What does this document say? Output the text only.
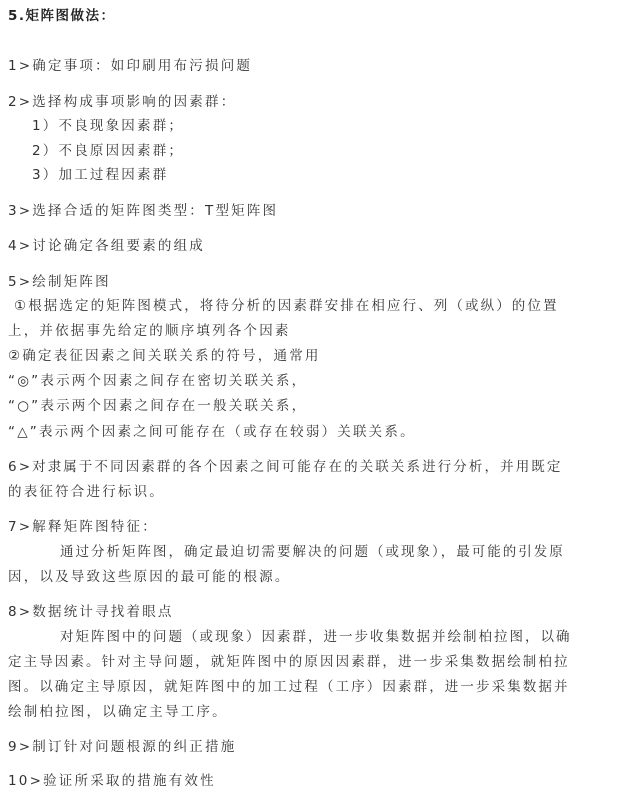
5.矩阵图做法：
1>确定事项：如印刷用布污损问题
2>选择构成事项影响的因素群：
1）不良现象因素群；
2）不良原因因素群；
3）加工过程因素群
3>选择合适的矩阵图类型：T型矩阵图
4>讨论确定各组要素的组成
5>绘制矩阵图
①根据选定的矩阵图模式，将待分析的因素群安排在相应行、列（或纵）的位置
上，并依据事先给定的顺序填列各个因素
②确定表征因素之间关联关系的符号，通常用
“◎”表示两个因素之间存在密切关联关系，
“○”表示两个因素之间存在一般关联关系，
“△”表示两个因素之间可能存在（或存在较弱）关联关系。
6>对隶属于不同因素群的各个因素之间可能存在的关联关系进行分析，并用既定
的表征符合进行标识。
7>解释矩阵图特征：
通过分析矩阵图，确定最迫切需要解决的问题（或现象），最可能的引发原
因，以及导致这些原因的最可能的根源。
8>数据统计寻找着眼点
对矩阵图中的问题（或现象）因素群，进一步收集数据并绘制柏拉图，以确
定主导因素。针对主导问题，就矩阵图中的原因因素群，进一步采集数据绘制柏拉
图。以确定主导原因，就矩阵图中的加工过程（工序）因素群，进一步采集数据并
绘制柏拉图，以确定主导工序。
9>制订针对问题根源的纠正措施
10>验证所采取的措施有效性
